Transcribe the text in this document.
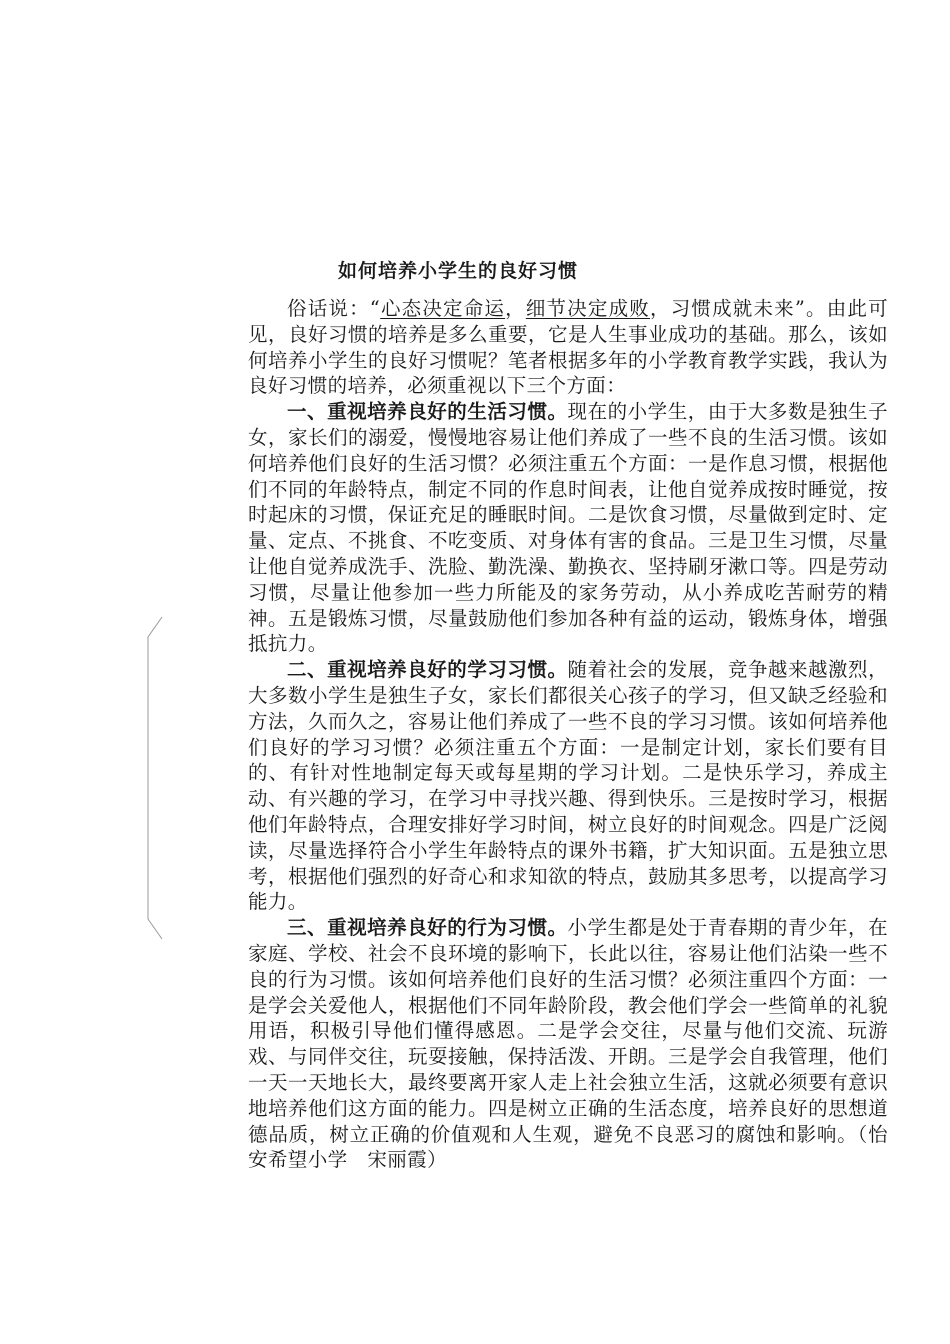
如何培养小学生的良好习惯

俗话说：“心态决定命运，细节决定成败，习惯成就未来”。由此可见，良好习惯的培养是多么重要，它是人生事业成功的基础。那么，该如何培养小学生的良好习惯呢？笔者根据多年的小学教育教学实践，我认为良好习惯的培养，必须重视以下三个方面：

一、重视培养良好的生活习惯。现在的小学生，由于大多数是独生子女，家长们的溺爱，慢慢地容易让他们养成了一些不良的生活习惯。该如何培养他们良好的生活习惯？必须注重五个方面：一是作息习惯，根据他们不同的年龄特点，制定不同的作息时间表，让他自觉养成按时睡觉，按时起床的习惯，保证充足的睡眠时间。二是饮食习惯，尽量做到定时、定量、定点、不挑食、不吃变质、对身体有害的食品。三是卫生习惯，尽量让他自觉养成洗手、洗脸、勤洗澡、勤换衣、坚持刷牙漱口等。四是劳动习惯，尽量让他参加一些力所能及的家务劳动，从小养成吃苦耐劳的精神。五是锻炼习惯，尽量鼓励他们参加各种有益的运动，锻炼身体，增强抵抗力。

二、重视培养良好的学习习惯。随着社会的发展，竞争越来越激烈，大多数小学生是独生子女，家长们都很关心孩子的学习，但又缺乏经验和方法，久而久之，容易让他们养成了一些不良的学习习惯。该如何培养他们良好的学习习惯？必须注重五个方面：一是制定计划，家长们要有目的、有针对性地制定每天或每星期的学习计划。二是快乐学习，养成主动、有兴趣的学习，在学习中寻找兴趣、得到快乐。三是按时学习，根据他们年龄特点，合理安排好学习时间，树立良好的时间观念。四是广泛阅读，尽量选择符合小学生年龄特点的课外书籍，扩大知识面。五是独立思考，根据他们强烈的好奇心和求知欲的特点，鼓励其多思考，以提高学习能力。

三、重视培养良好的行为习惯。小学生都是处于青春期的青少年，在家庭、学校、社会不良环境的影响下，长此以往，容易让他们沾染一些不良的行为习惯。该如何培养他们良好的生活习惯？必须注重四个方面：一是学会关爱他人，根据他们不同年龄阶段，教会他们学会一些简单的礼貌用语，积极引导他们懂得感恩。二是学会交往，尽量与他们交流、玩游戏、与同伴交往，玩耍接触，保持活泼、开朗。三是学会自我管理，他们一天一天地长大，最终要离开家人走上社会独立生活，这就必须要有意识地培养他们这方面的能力。四是树立正确的生活态度，培养良好的思想道德品质，树立正确的价值观和人生观，避免不良恶习的腐蚀和影响。（怡安希望小学　宋丽霞）
